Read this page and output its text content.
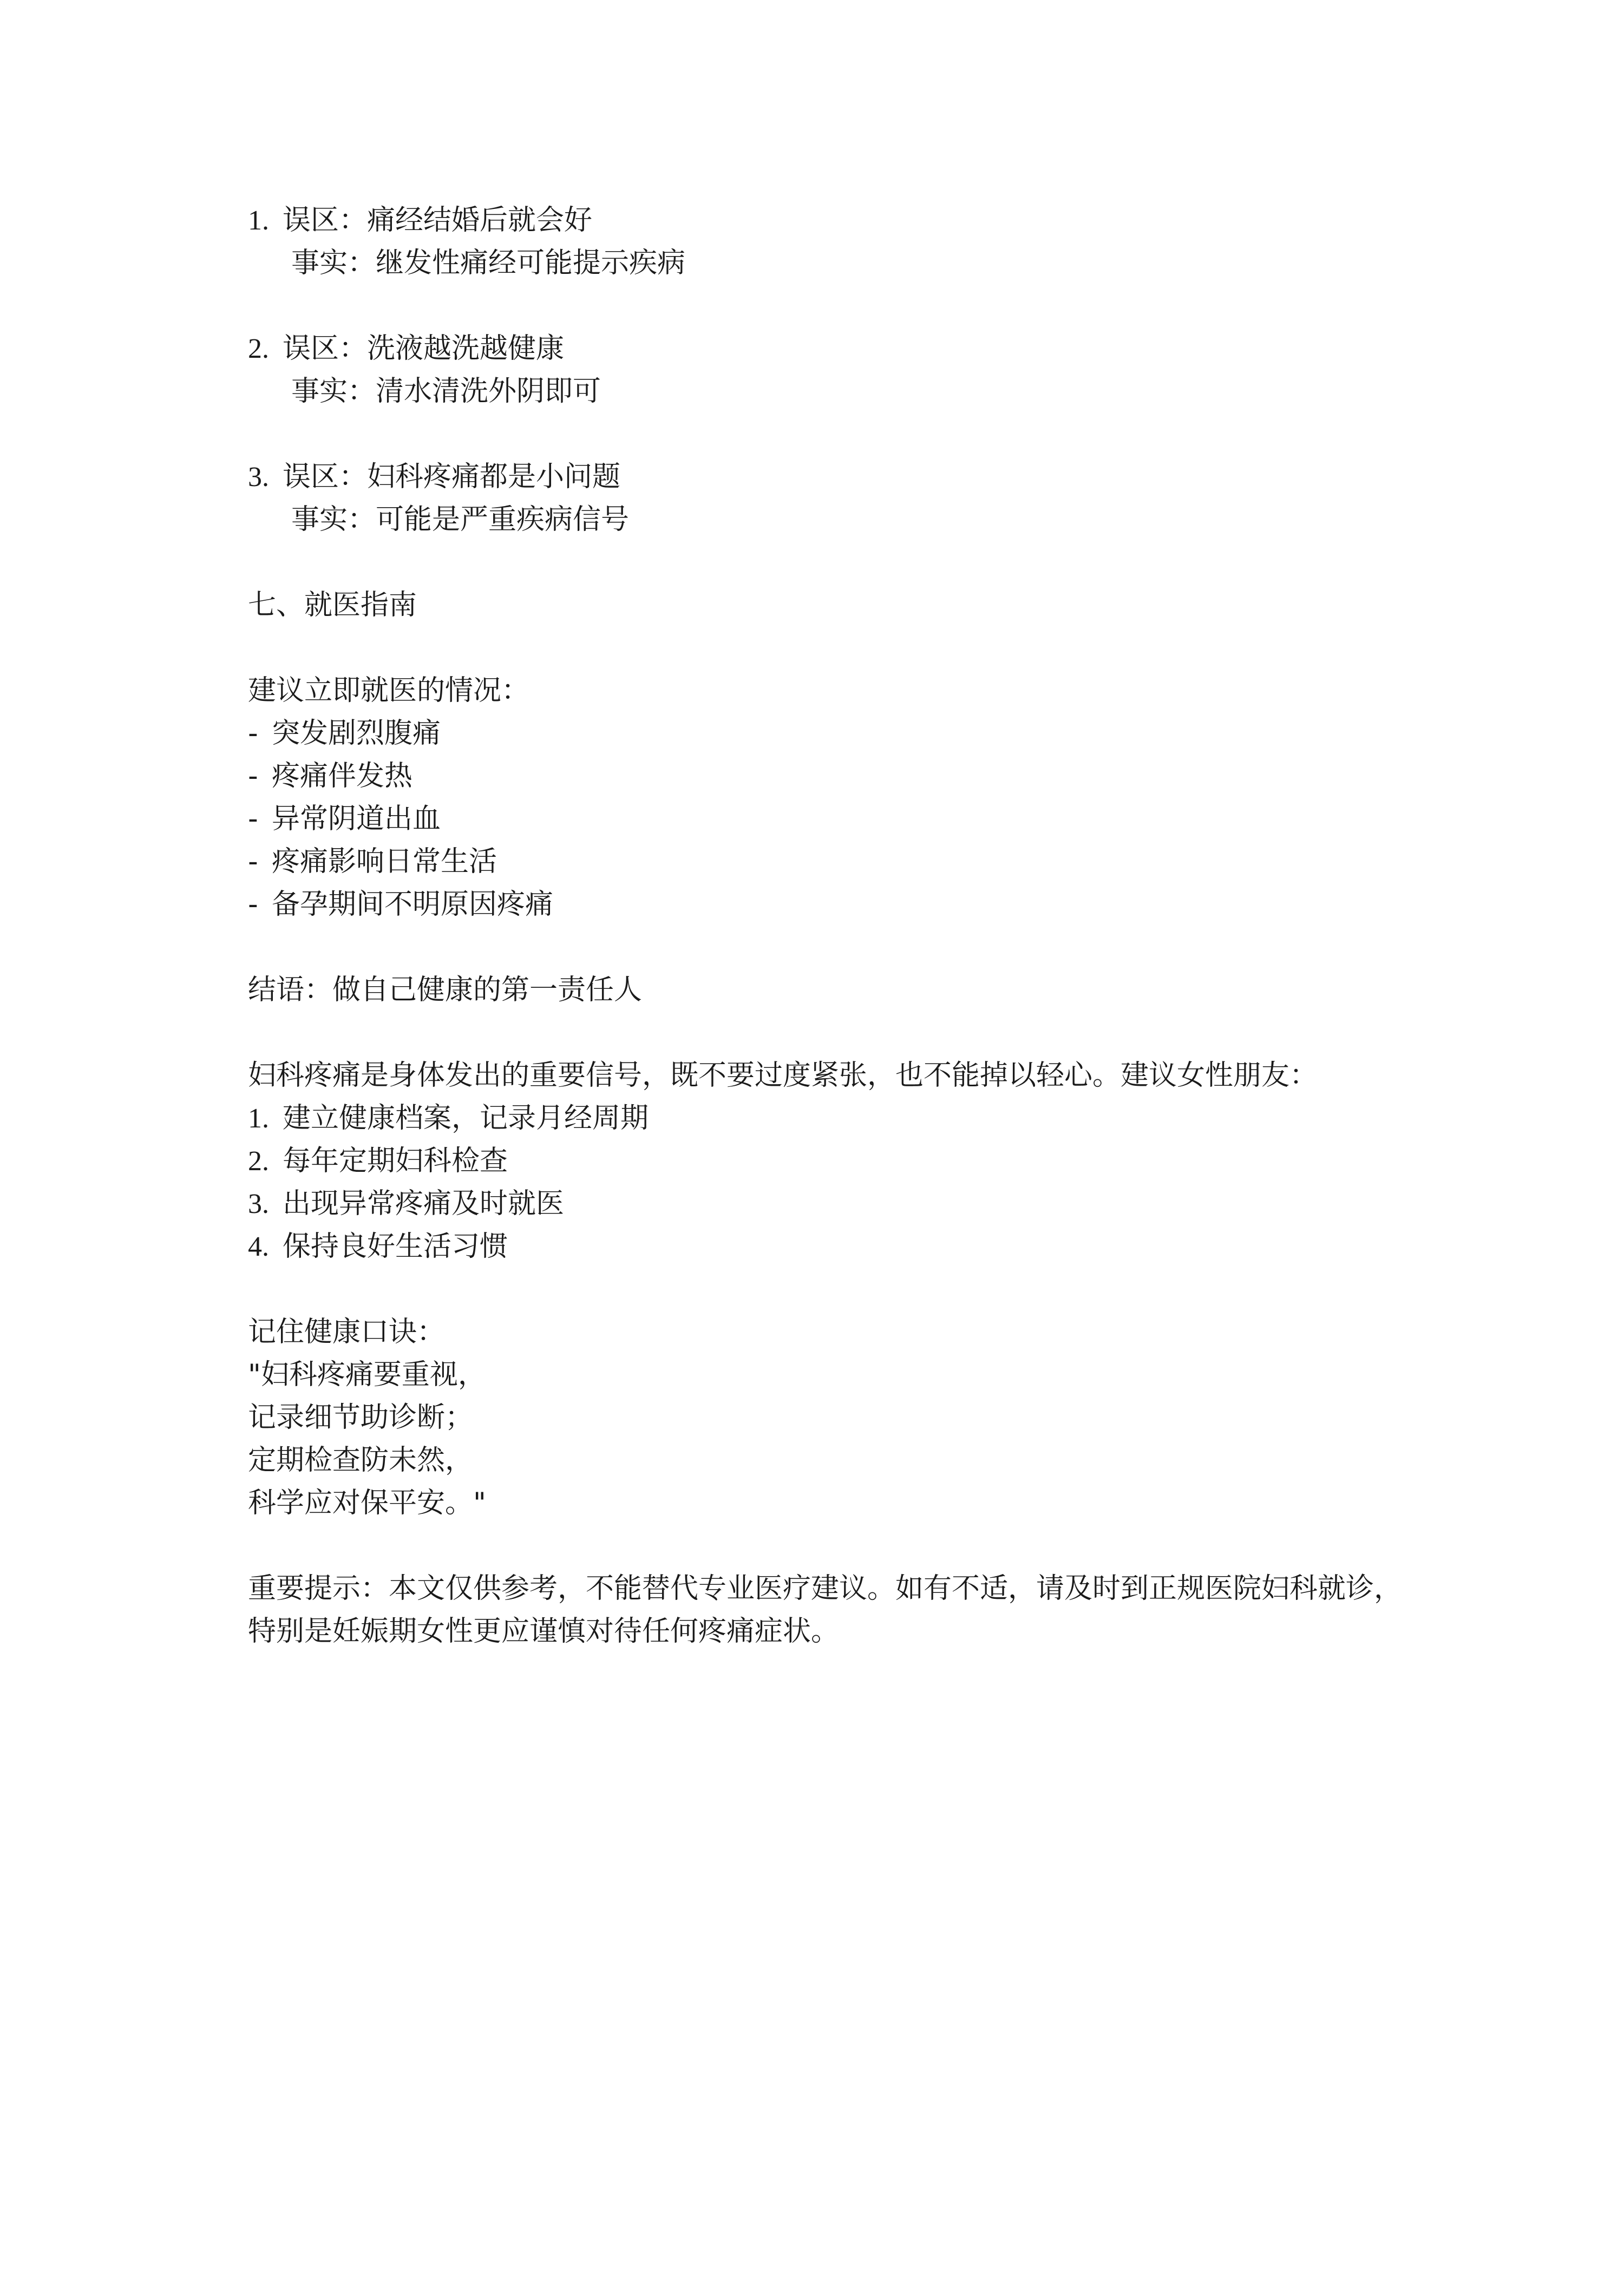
1. 误区：痛经结婚后就会好
事实：继发性痛经可能提示疾病
2. 误区：洗液越洗越健康
事实：清水清洗外阴即可
3. 误区：妇科疼痛都是小问题
事实：可能是严重疾病信号
七、就医指南
建议立即就医的情况：
- 突发剧烈腹痛
- 疼痛伴发热
- 异常阴道出血
- 疼痛影响日常生活
- 备孕期间不明原因疼痛
结语：做自己健康的第一责任人
妇科疼痛是身体发出的重要信号，既不要过度紧张，也不能掉以轻心。建议女性朋友：
1. 建立健康档案，记录月经周期
2. 每年定期妇科检查
3. 出现异常疼痛及时就医
4. 保持良好生活习惯
记住健康口诀：
"妇科疼痛要重视，
记录细节助诊断；
定期检查防未然，
科学应对保平安。"
重要提示：本文仅供参考，不能替代专业医疗建议。如有不适，请及时到正规医院妇科就诊，
特别是妊娠期女性更应谨慎对待任何疼痛症状。
